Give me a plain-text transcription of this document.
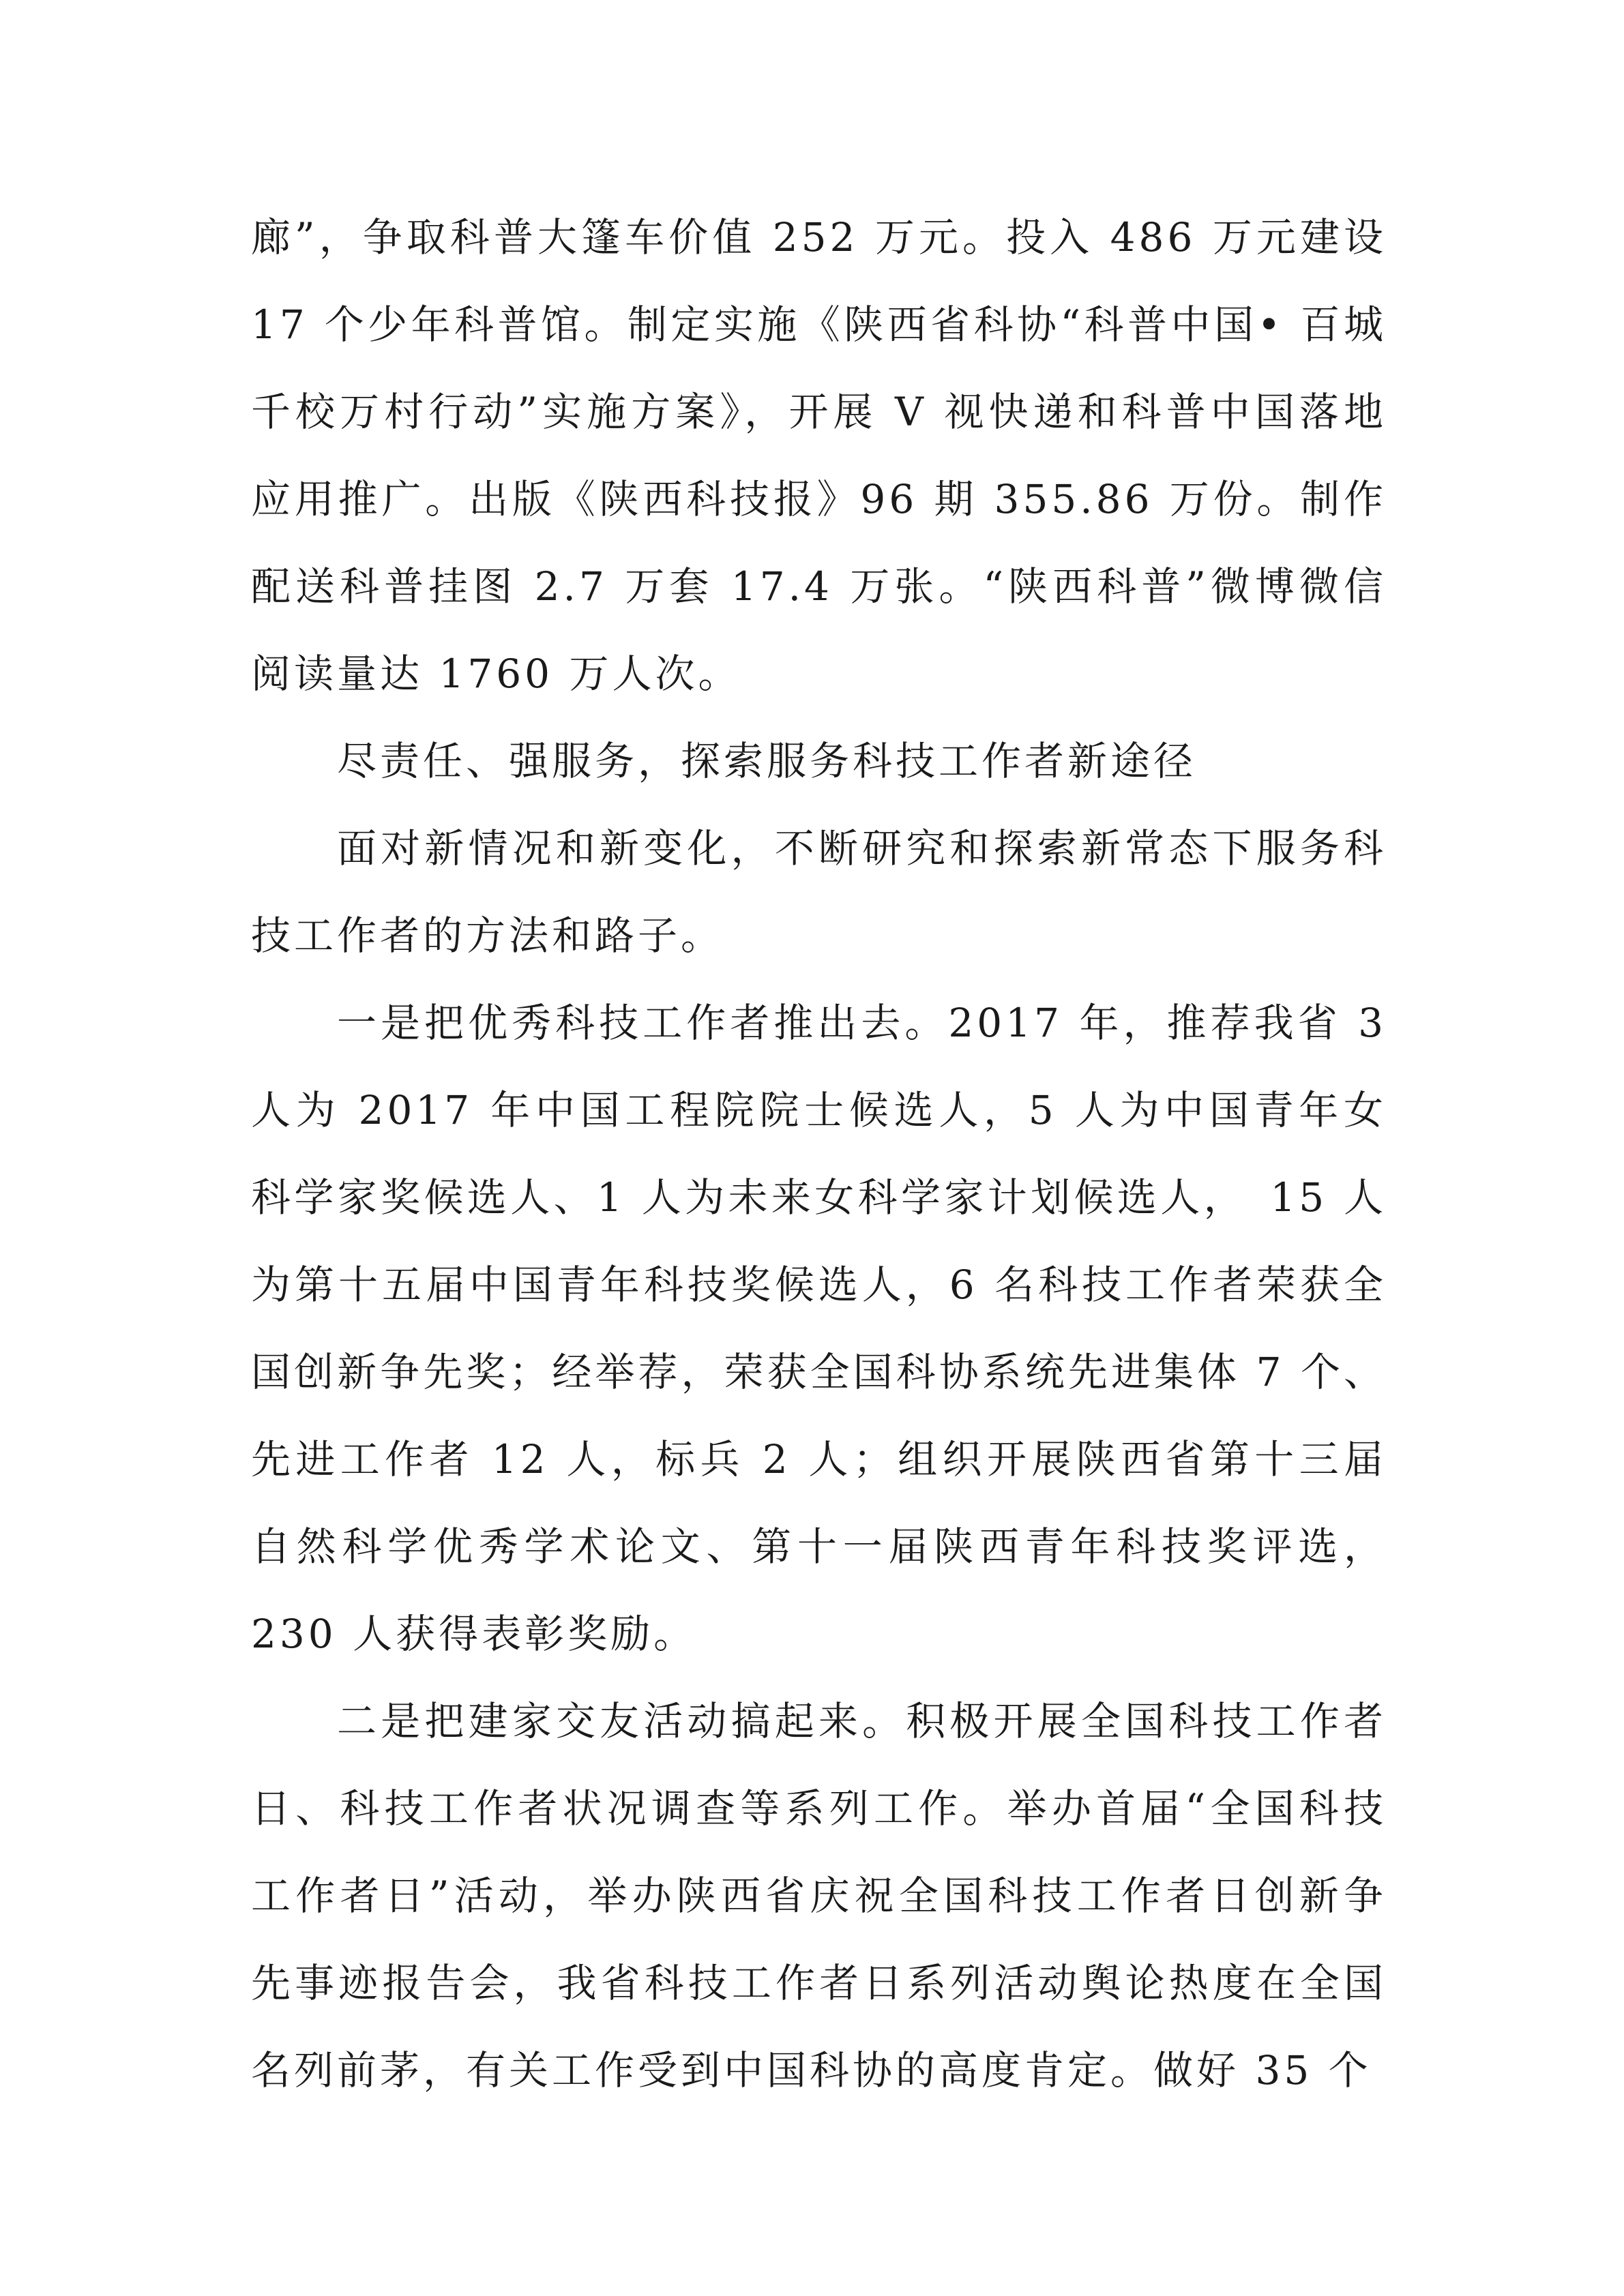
廊”，争取科普大篷车价值 252 万元。投入 486 万元建设 17 个少年科普馆。制定实施《陕西省科协“科普中国• 百城千校万村行动”实施方案》，开展 V 视快递和科普中国落地应用推广。出版《陕西科技报》96 期 355.86 万份。制作配送科普挂图 2.7 万套 17.4 万张。“陕西科普”微博微信阅读量达 1760 万人次。

尽责任、强服务，探索服务科技工作者新途径

面对新情况和新变化，不断研究和探索新常态下服务科技工作者的方法和路子。

一是把优秀科技工作者推出去。2017 年，推荐我省 3 人为 2017 年中国工程院院士候选人，5 人为中国青年女科学家奖候选人、1 人为未来女科学家计划候选人，　15 人为第十五届中国青年科技奖候选人，6 名科技工作者荣获全国创新争先奖；经举荐，荣获全国科协系统先进集体 7 个、先进工作者 12 人，标兵 2 人；组织开展陕西省第十三届自然科学优秀学术论文、第十一届陕西青年科技奖评选，230 人获得表彰奖励。

二是把建家交友活动搞起来。积极开展全国科技工作者日、科技工作者状况调查等系列工作。举办首届“全国科技工作者日”活动，举办陕西省庆祝全国科技工作者日创新争先事迹报告会，我省科技工作者日系列活动舆论热度在全国名列前茅，有关工作受到中国科协的高度肯定。做好 35 个
